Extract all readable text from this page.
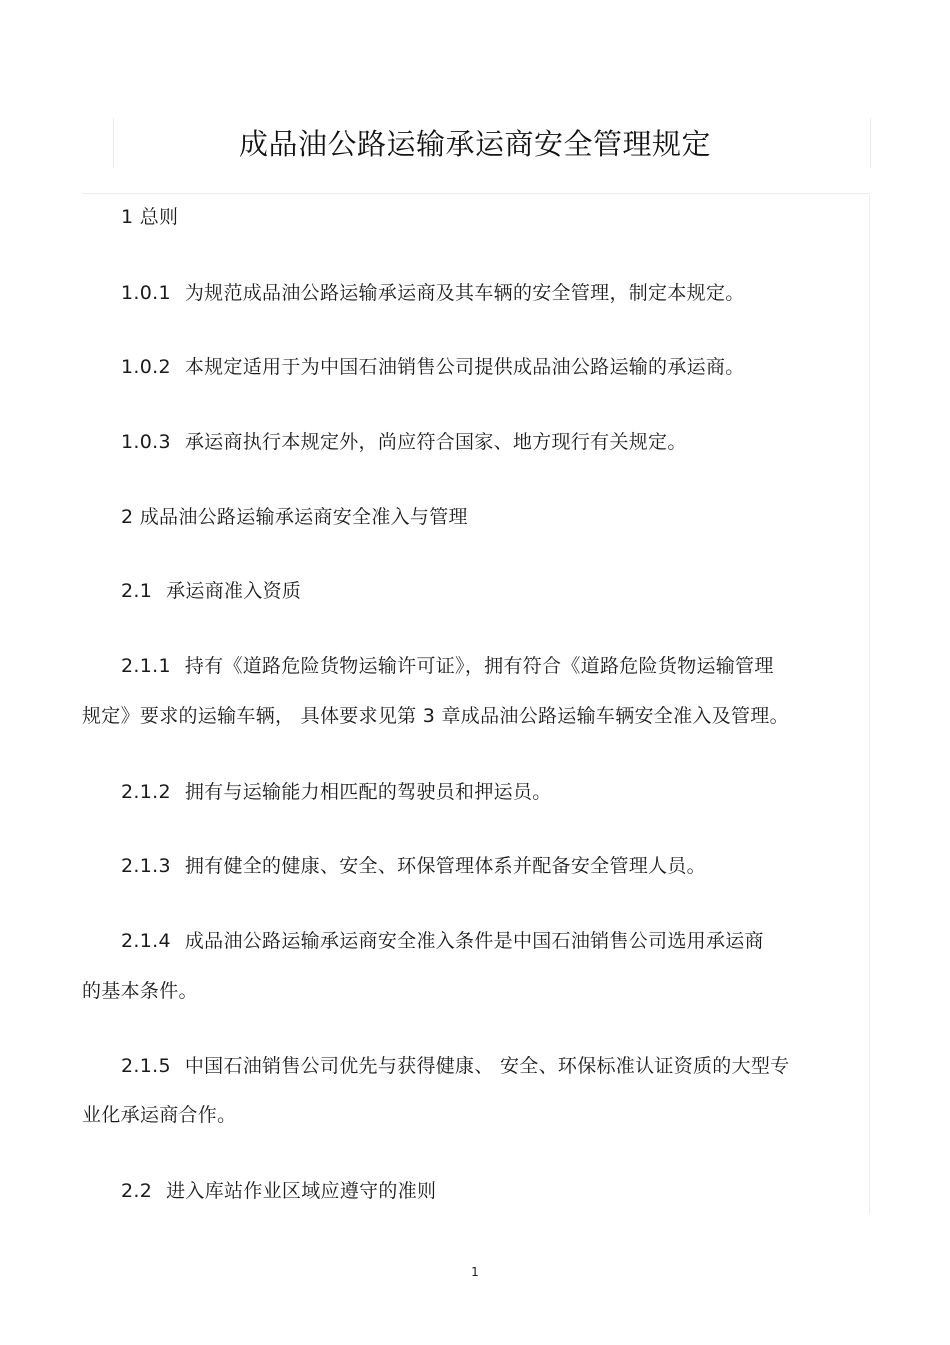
成品油公路运输承运商安全管理规定
1 总则
1.0.1 为规范成品油公路运输承运商及其车辆的安全管理，制定本规定。
1.0.2 本规定适用于为中国石油销售公司提供成品油公路运输的承运商。
1.0.3 承运商执行本规定外，尚应符合国家、地方现行有关规定。
2 成品油公路运输承运商安全准入与管理
2.1 承运商准入资质
2.1.1 持有《道路危险货物运输许可证》，拥有符合《道路危险货物运输管理
规定》要求的运输车辆， 具体要求见第 3 章成品油公路运输车辆安全准入及管理。
2.1.2 拥有与运输能力相匹配的驾驶员和押运员。
2.1.3 拥有健全的健康、安全、环保管理体系并配备安全管理人员。
2.1.4 成品油公路运输承运商安全准入条件是中国石油销售公司选用承运商
的基本条件。
2.1.5 中国石油销售公司优先与获得健康、 安全、环保标准认证资质的大型专
业化承运商合作。
2.2 进入库站作业区域应遵守的准则
1
